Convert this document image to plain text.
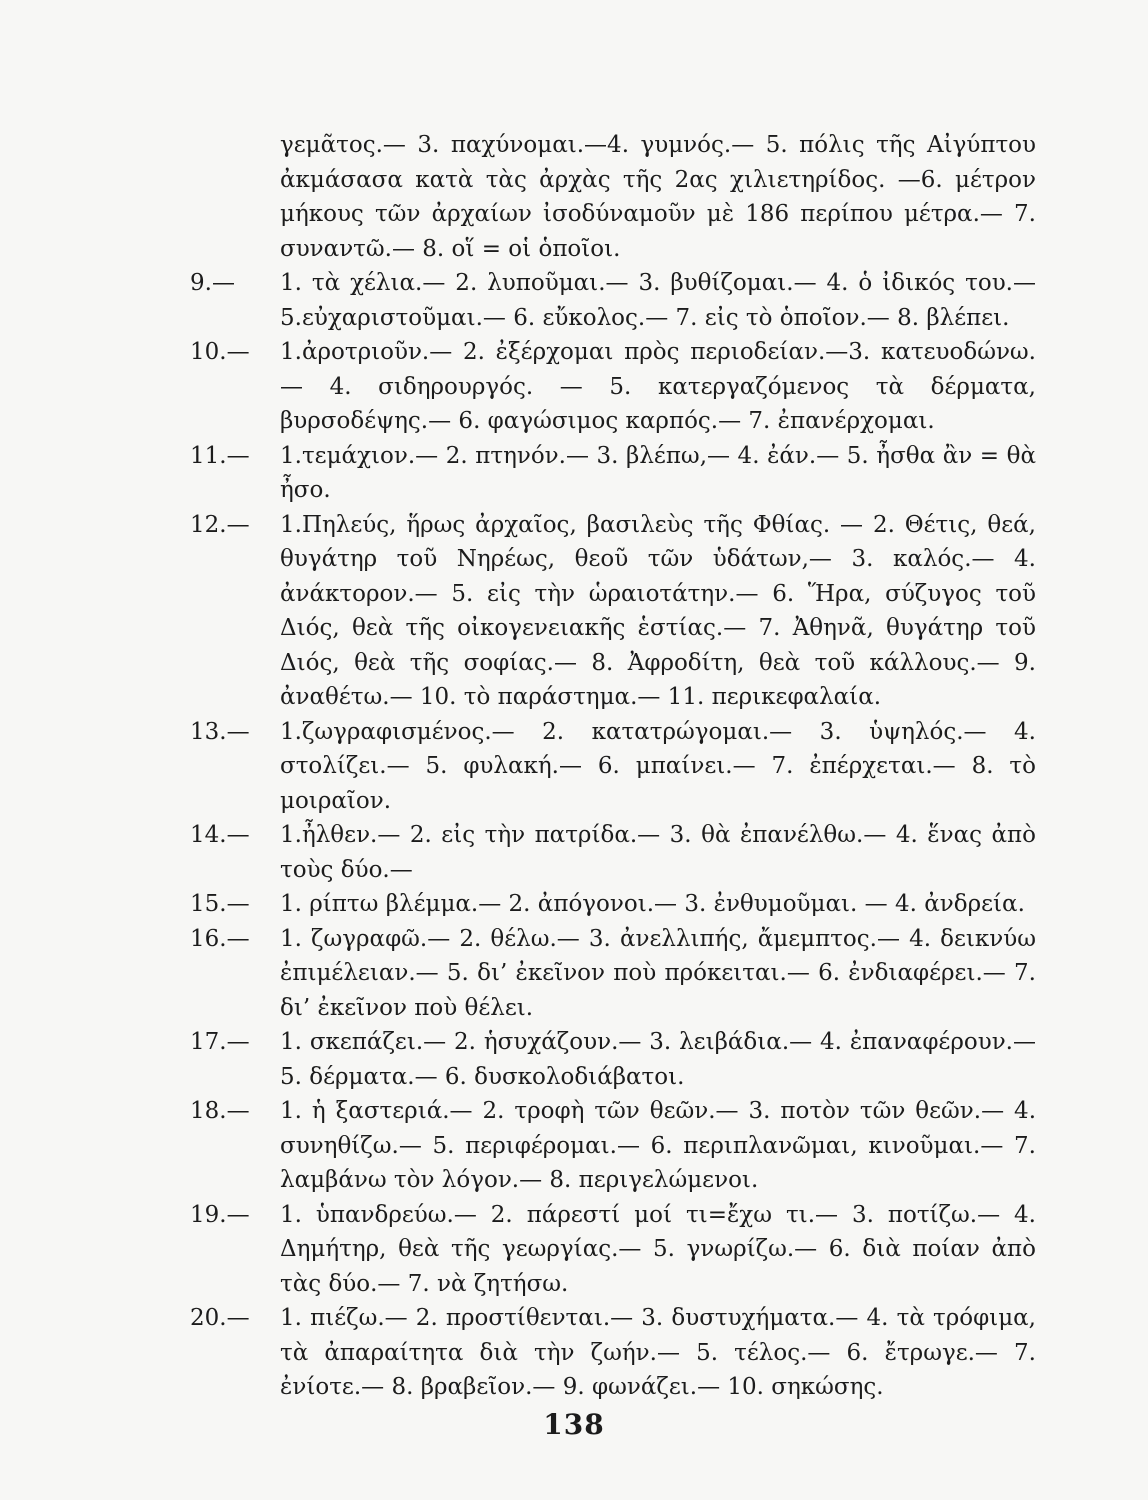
γεμᾶτος.— 3. παχύνομαι.—4. γυμνός.— 5. πόλις τῆς Αἰγύπτου ἀκμάσασα κατὰ τὰς ἀρχὰς τῆς 2ας χιλιετηρίδος. —6. μέτρον μήκους τῶν ἀρχαίων ἰσοδύναμοῦν μὲ 186 περίπου μέτρα.— 7. συναντῶ.— 8. οἵ = οἱ ὁποῖοι.
9.—	1. τὰ χέλια.— 2. λυποῦμαι.— 3. βυθίζομαι.— 4. ὁ ἰδικός του.— 5.εὐχαριστοῦμαι.— 6. εὔκολος.— 7. εἰς τὸ ὁποῖον.— 8. βλέπει.
10.—	1.ἀροτριοῦν.— 2. ἐξέρχομαι πρὸς περιοδείαν.—3. κατευοδώνω.— 4. σιδηρουργός. — 5. κατεργαζόμενος τὰ δέρματα, βυρσοδέψης.— 6. φαγώσιμος καρπός.— 7. ἐπανέρχομαι.
11.—	1.τεμάχιον.— 2. πτηνόν.— 3. βλέπω,— 4. ἐάν.— 5. ἦσθα ἂν = θὰ ἦσο.
12.—	1.Πηλεύς, ἥρως ἀρχαῖος, βασιλεὺς τῆς Φθίας. — 2. Θέτις, θεά, θυγάτηρ τοῦ Νηρέως, θεοῦ τῶν ὑδάτων,— 3. καλός.— 4. ἀνάκτορον.— 5. εἰς τὴν ὡραιοτάτην.— 6. Ἥρα, σύζυγος τοῦ Διός, θεὰ τῆς οἰκογενειακῆς ἑστίας.— 7. Ἀθηνᾶ, θυγάτηρ τοῦ Διός, θεὰ τῆς σοφίας.— 8. Ἀφροδίτη, θεὰ τοῦ κάλλους.— 9. ἀναθέτω.— 10. τὸ παράστημα.— 11. περικεφαλαία.
13.—	1.ζωγραφισμένος.— 2. κατατρώγομαι.— 3. ὑψηλός.— 4. στολίζει.— 5. φυλακή.— 6. μπαίνει.— 7. ἐπέρχεται.— 8. τὸ μοιραῖον.
14.—	1.ἦλθεν.— 2. εἰς τὴν πατρίδα.— 3. θὰ ἐπανέλθω.— 4. ἕνας ἀπὸ τοὺς δύο.—
15.—	1. ρίπτω βλέμμα.— 2. ἀπόγονοι.— 3. ἐνθυμοῦμαι. — 4. ἀνδρεία.
16.—	1. ζωγραφῶ.— 2. θέλω.— 3. ἀνελλιπής, ἄμεμπτος.— 4. δεικνύω ἐπιμέλειαν.— 5. δι’ ἐκεῖνον ποὺ πρόκειται.— 6. ἐνδιαφέρει.— 7. δι’ ἐκεῖνον ποὺ θέλει.
17.—	1. σκεπάζει.— 2. ἡσυχάζουν.— 3. λειβάδια.— 4. ἐπαναφέρουν.— 5. δέρματα.— 6. δυσκολοδιάβατοι.
18.—	1. ἡ ξαστεριά.— 2. τροφὴ τῶν θεῶν.— 3. ποτὸν τῶν θεῶν.— 4. συνηθίζω.— 5. περιφέρομαι.— 6. περιπλανῶμαι, κινοῦμαι.— 7. λαμβάνω τὸν λόγον.— 8. περιγελώμενοι.
19.—	1. ὑπανδρεύω.— 2. πάρεστί μοί τι=ἔχω τι.— 3. ποτίζω.— 4. Δημήτηρ, θεὰ τῆς γεωργίας.— 5. γνωρίζω.— 6. διὰ ποίαν ἀπὸ τὰς δύο.— 7. νὰ ζητήσω.
20.—	1. πιέζω.— 2. προστίθενται.— 3. δυστυχήματα.— 4. τὰ τρόφιμα, τὰ ἀπαραίτητα διὰ τὴν ζωήν.— 5. τέλος.— 6. ἔτρωγε.— 7. ἐνίοτε.— 8. βραβεῖον.— 9. φωνάζει.— 10. σηκώσης.
138
